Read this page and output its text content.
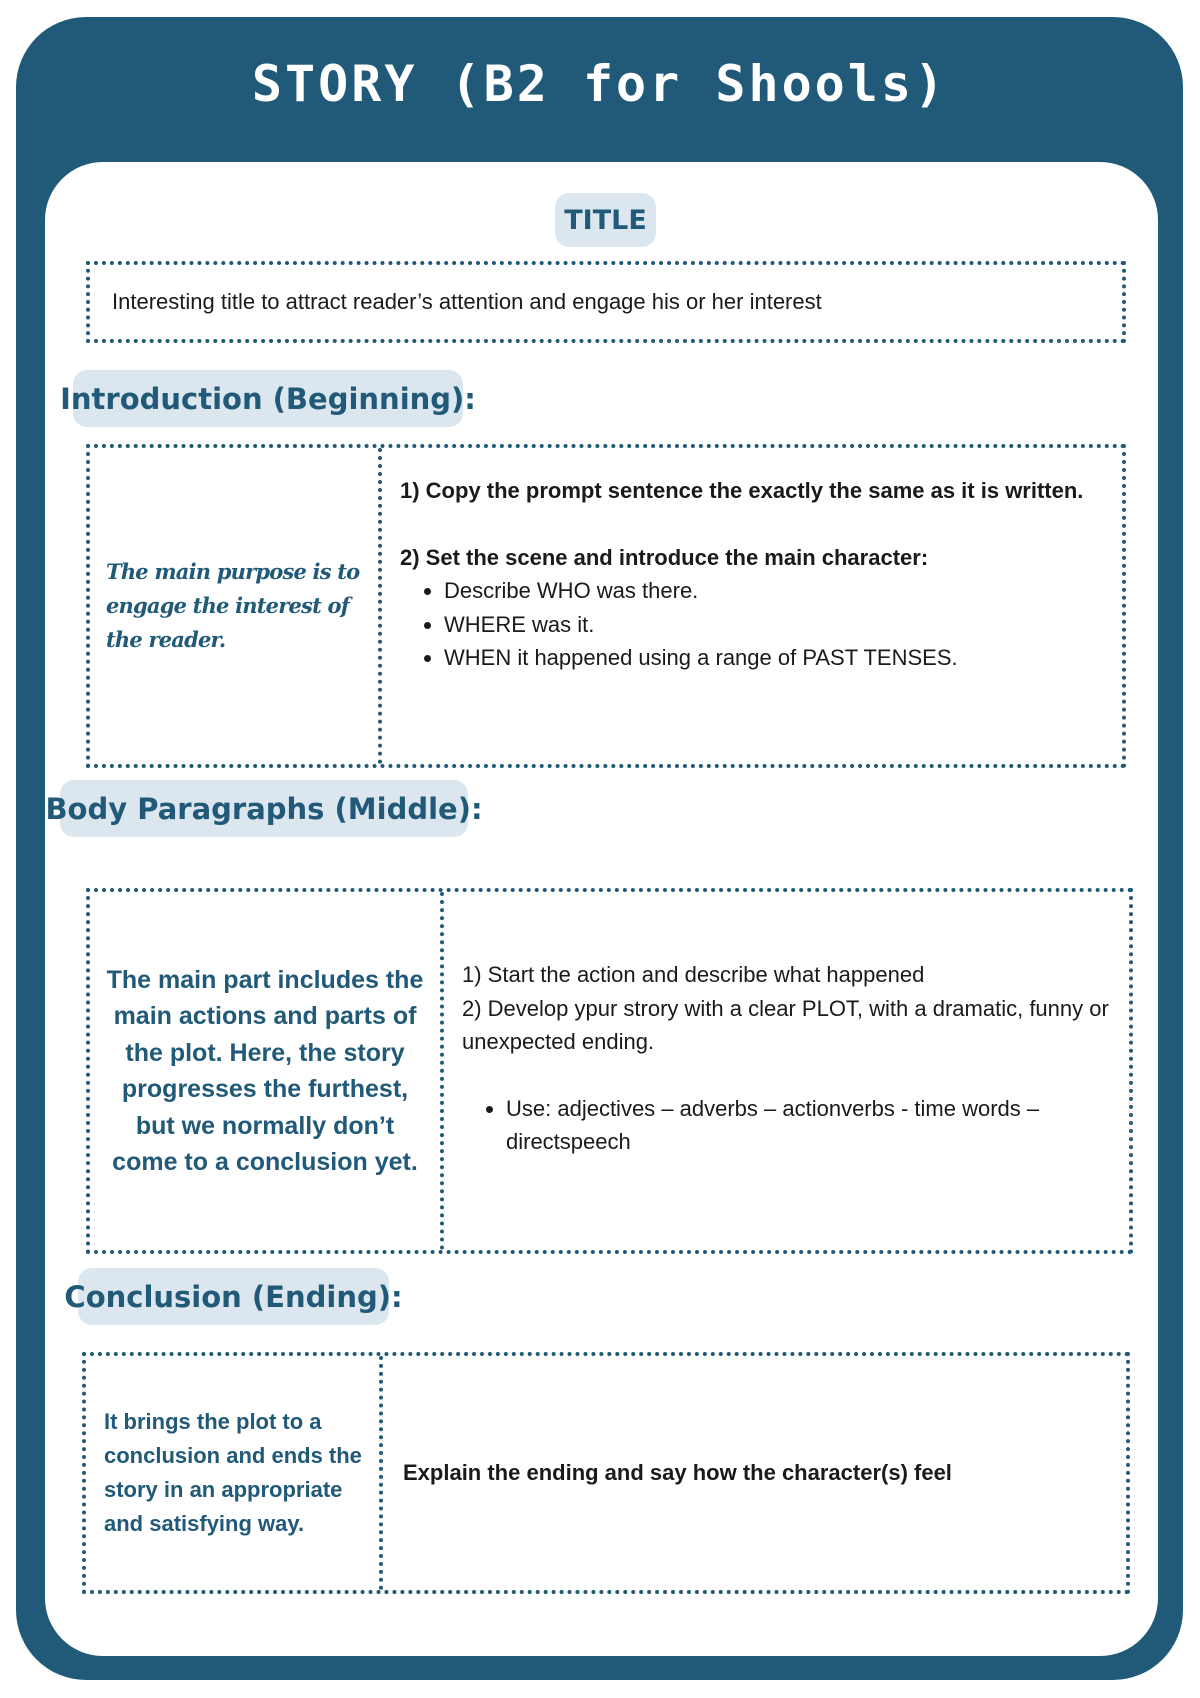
STORY (B2 for Shools)
TITLE
Interesting title to attract reader’s attention and engage his or her interest
Introduction (Beginning):

The main purpose is to engage the interest of the reader.

1) Copy the prompt sentence the exactly the same as it is written.

2) Set the scene and introduce the main character:

• Describe WHO was there.
• WHERE was it.
• WHEN it happened using a range of PAST TENSES.
Body Paragraphs (Middle):

The main part includes the main actions and parts of the plot. Here, the story progresses the furthest, but we normally don’t come to a conclusion yet.

1) Start the action and describe what happened

2) Develop ypur strory with a clear PLOT, with a dramatic, funny or unexpected ending.

• Use: adjectives – adverbs – actionverbs - time words – directspeech
Conclusion (Ending):

It brings the plot to a conclusion and ends the story in an appropriate and satisfying way.

Explain the ending and say how the character(s) feel
